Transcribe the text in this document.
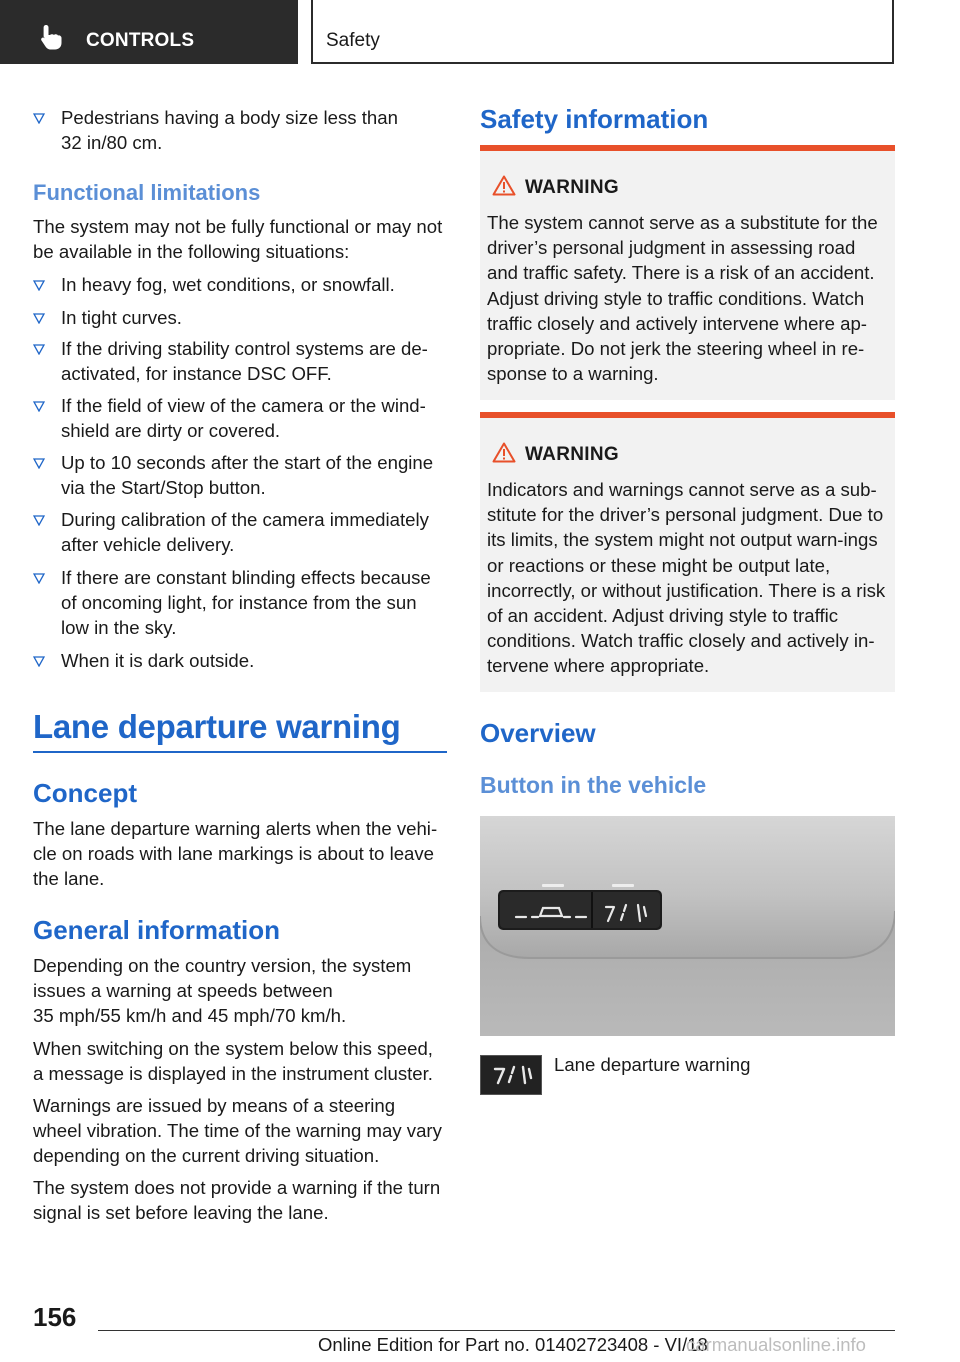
CONTROLS	Safety
Pedestrians having a body size less than
32 in/80 cm.
Functional limitations

The system may not be fully functional or may not be available in the following situations:

In heavy fog, wet conditions, or snowfall.
In tight curves.
If the driving stability control systems are de-activated, for instance DSC OFF.
If the field of view of the camera or the wind-shield are dirty or covered.
Up to 10 seconds after the start of the engine via the Start/Stop button.
During calibration of the camera immediately after vehicle delivery.
If there are constant blinding effects because of oncoming light, for instance from the sun low in the sky.
When it is dark outside.
Lane departure warning
Concept

The lane departure warning alerts when the vehi-cle on roads with lane markings is about to leave the lane.

General information

Depending on the country version, the system issues a warning at speeds between
35 mph/55 km/h and 45 mph/70 km/h.

When switching on the system below this speed, a message is displayed in the instrument cluster.

Warnings are issued by means of a steering wheel vibration. The time of the warning may vary depending on the current driving situation.

The system does not provide a warning if the turn signal is set before leaving the lane.

Safety information
WARNING
The system cannot serve as a substitute for the driver’s personal judgment in assessing road and traffic safety. There is a risk of an accident. Adjust driving style to traffic conditions. Watch traffic closely and actively intervene where ap-propriate. Do not jerk the steering wheel in re-sponse to a warning.
WARNING
Indicators and warnings cannot serve as a sub-stitute for the driver’s personal judgment. Due to its limits, the system might not output warn-ings or reactions or these might be output late, incorrectly, or without justification. There is a risk of an accident. Adjust driving style to traffic conditions. Watch traffic closely and actively in-tervene where appropriate.
Overview
Button in the vehicle
Lane departure warning
156
Online Edition for Part no. 01402723408 - VI/18
carmanualsonline.info
